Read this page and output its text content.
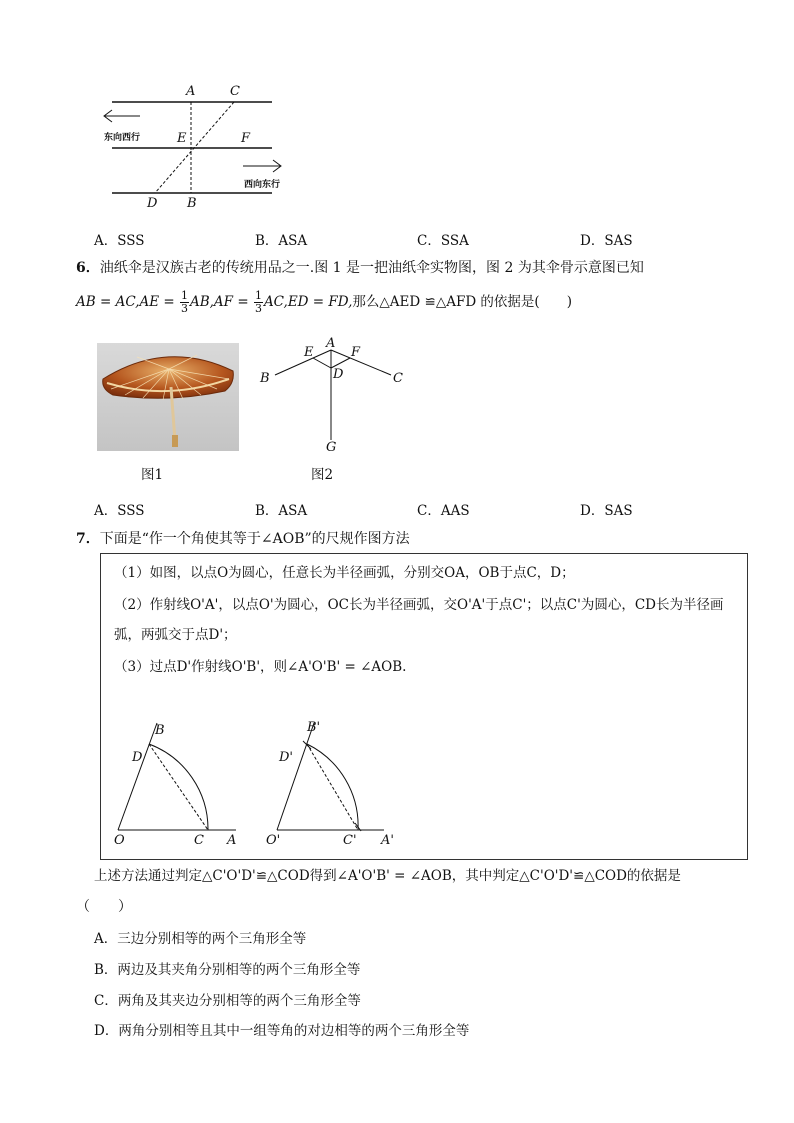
A	C
E	F
D B
东向西行
西向东行
A．SSS	B．ASA	C．SSA	D．SAS
6．油纸伞是汉族古老的传统用品之一.图 1 是一把油纸伞实物图，图 2 为其伞骨示意图已知
AB = $AC,AE = \frac{1}{3} AB,AF = \frac{1}{3} AC,ED$ = FD,那么△AED ≌△AFD 的依据是(　　)
图1
A
E	F
D
B	C
G
图2
A．SSS	B．ASA	C．AAS	D．SAS
7．下面是“作一个角使其等于∠AOB”的尺规作图方法
（1）如图，以点O为圆心，任意长为半径画弧，分别交OA，OB于点C，D；
（2）作射线O'A'，以点O'为圆心，OC长为半径画弧，交O'A'于点C'；以点C'为圆心，CD长为半径画
弧，两弧交于点D'；
（3）过点D'作射线O'B'，则∠A'O'B' = ∠AOB.
B
D
O	C A
B'
D'
O'	C' A'
上述方法通过判定△C'O'D'≌△COD得到∠A'O'B' = ∠AOB，其中判定△C'O'D'≌△COD的依据是
（　　）
A．三边分别相等的两个三角形全等
B．两边及其夹角分别相等的两个三角形全等
C．两角及其夹边分别相等的两个三角形全等
D．两角分别相等且其中一组等角的对边相等的两个三角形全等
